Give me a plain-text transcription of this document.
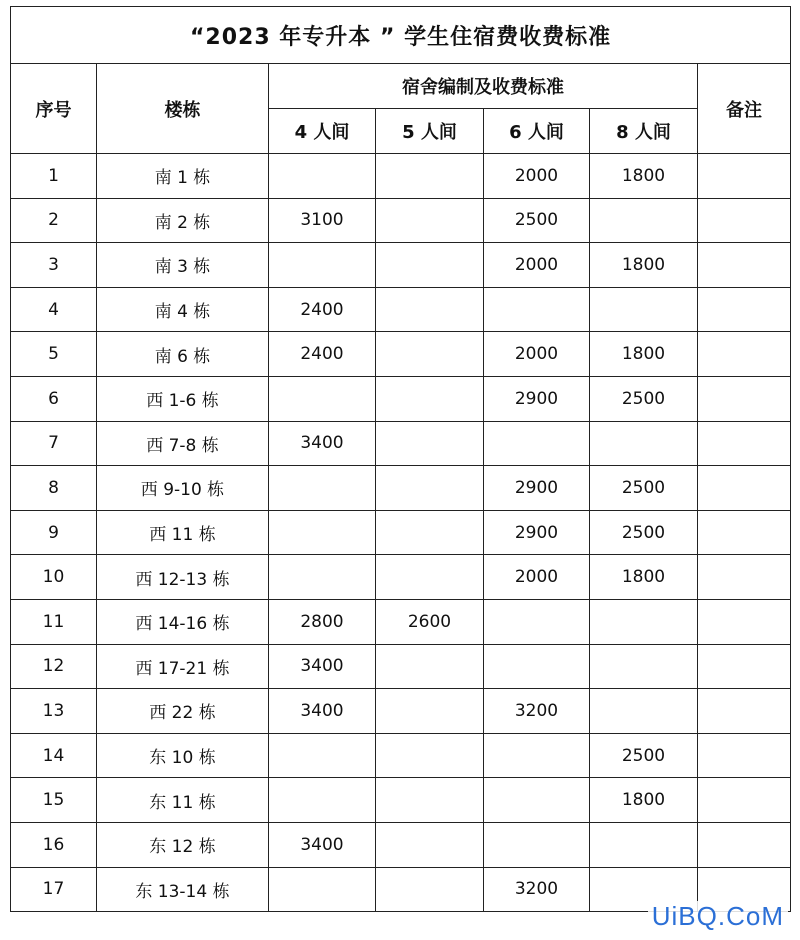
“2023 年专升本 ” 学生住宿费收费标准						
序号	楼栋	宿舍编制及收费标准				备注
		4 人间	5 人间	6 人间	8 人间	
1	南 1 栋			2000	1800	
2	南 2 栋	3100		2500		
3	南 3 栋			2000	1800	
4	南 4 栋	2400				
5	南 6 栋	2400		2000	1800	
6	西 1-6 栋			2900	2500	
7	西 7-8 栋	3400				
8	西 9-10 栋			2900	2500	
9	西 11 栋			2900	2500	
10	西 12-13 栋			2000	1800	
11	西 14-16 栋	2800	2600			
12	西 17-21 栋	3400				
13	西 22 栋	3400		3200		
14	东 10 栋				2500	
15	东 11 栋				1800	
16	东 12 栋	3400				
17	东 13-14 栋			3200		
UiBQ.CoM
